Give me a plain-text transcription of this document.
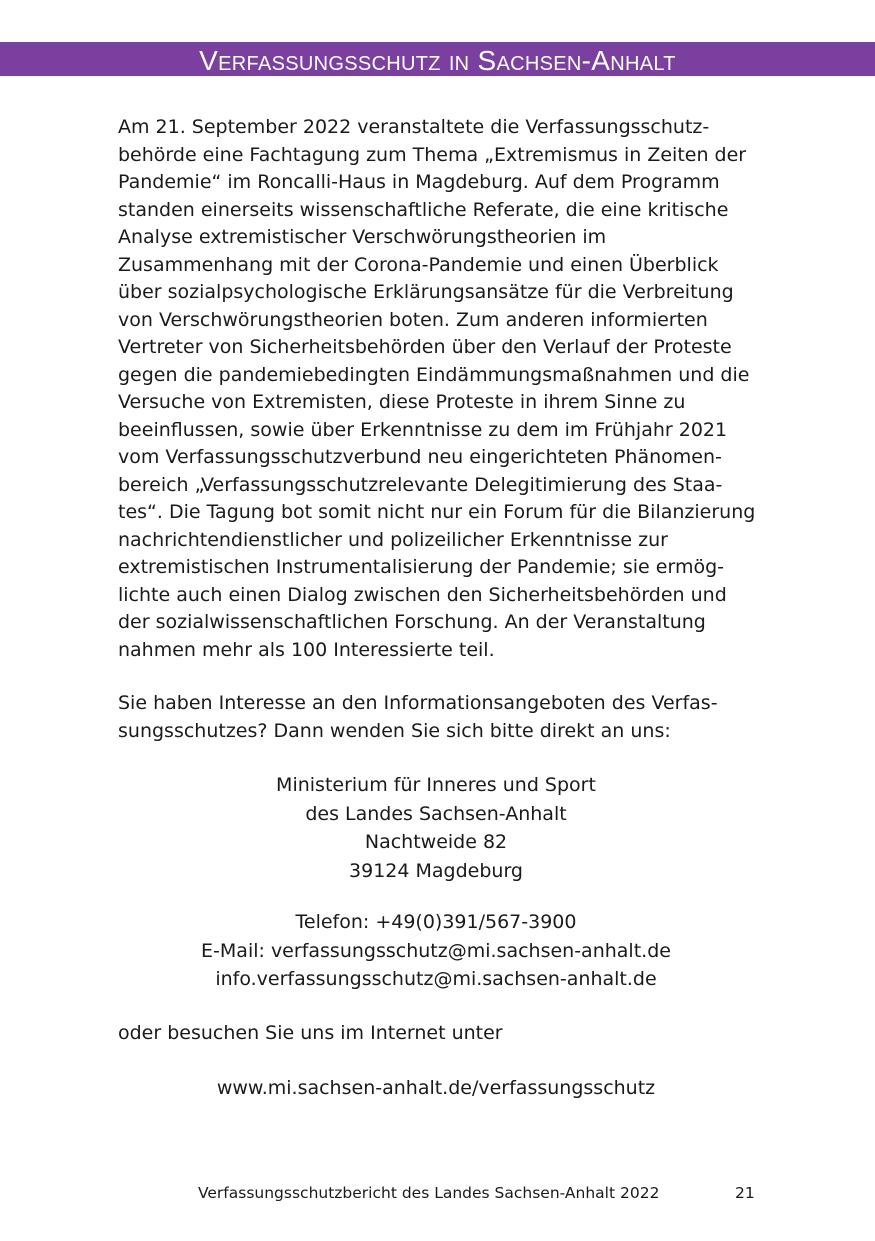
Verfassungsschutz in Sachsen-Anhalt

Am 21. September 2022 veranstaltete die Verfassungsschutzbehörde eine Fachtagung zum Thema „Extremismus in Zeiten der Pandemie“ im Roncalli-Haus in Magdeburg. Auf dem Programm standen einerseits wissenschaftliche Referate, die eine kritische Analyse extremistischer Verschwörungstheorien im Zusammenhang mit der Corona-Pandemie und einen Überblick über sozialpsychologische Erklärungsansätze für die Verbreitung von Verschwörungstheorien boten. Zum anderen informierten Vertreter von Sicherheitsbehörden über den Verlauf der Proteste gegen die pandemiebedingten Eindämmungsmaßnahmen und die Versuche von Extremisten, diese Proteste in ihrem Sinne zu beeinflussen, sowie über Erkenntnisse zu dem im Frühjahr 2021 vom Verfassungsschutzverbund neu eingerichteten Phänomenbereich „Verfassungsschutzrelevante Delegitimierung des Staates“. Die Tagung bot somit nicht nur ein Forum für die Bilanzierung nachrichtendienstlicher und polizeilicher Erkenntnisse zur extremistischen Instrumentalisierung der Pandemie; sie ermöglichte auch einen Dialog zwischen den Sicherheitsbehörden und der sozialwissenschaftlichen Forschung. An der Veranstaltung nahmen mehr als 100 Interessierte teil.

Sie haben Interesse an den Informationsangeboten des Verfassungsschutzes? Dann wenden Sie sich bitte direkt an uns:

Ministerium für Inneres und Sport
des Landes Sachsen-Anhalt
Nachtweide 82
39124 Magdeburg
Telefon: +49(0)391/567-3900
E-Mail: verfassungsschutz@mi.sachsen-anhalt.de
info.verfassungsschutz@mi.sachsen-anhalt.de

oder besuchen Sie uns im Internet unter

www.mi.sachsen-anhalt.de/verfassungsschutz

Verfassungsschutzbericht des Landes Sachsen-Anhalt 2022	21
